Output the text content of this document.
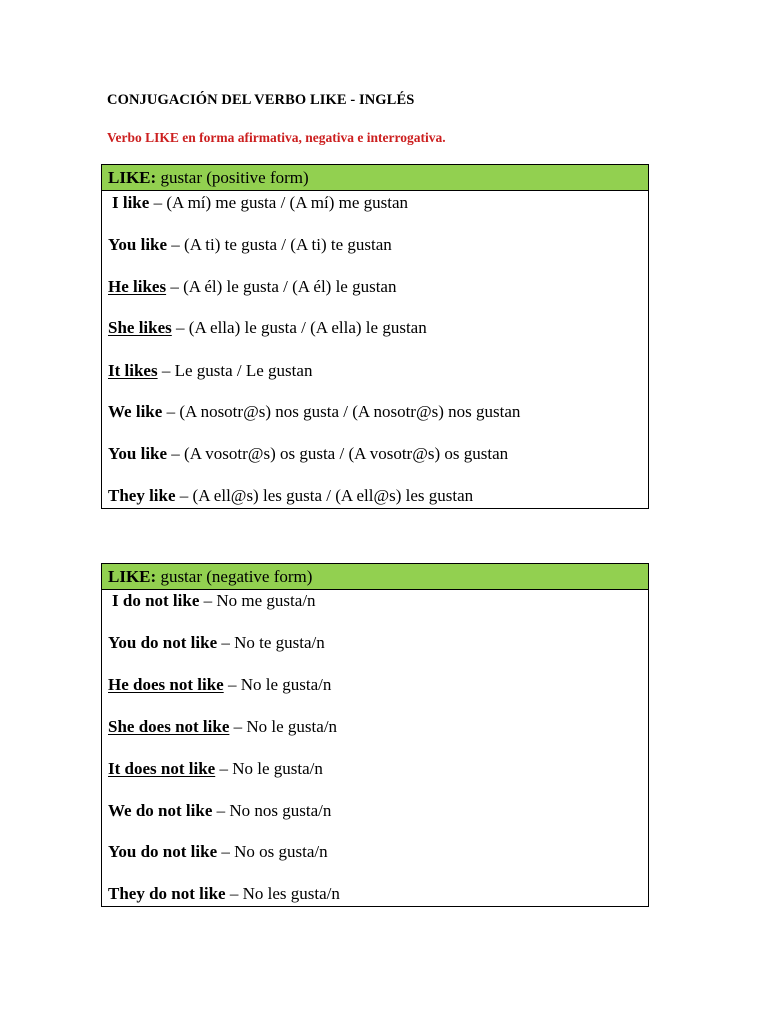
CONJUGACIÓN DEL VERBO LIKE - INGLÉS
Verbo LIKE en forma afirmativa, negativa e interrogativa.
LIKE: gustar (positive form)
I like – (A mí) me gusta / (A mí) me gustan
You like – (A ti) te gusta / (A ti) te gustan
He likes – (A él) le gusta / (A él) le gustan
She likes – (A ella) le gusta / (A ella) le gustan
It likes – Le gusta / Le gustan
We like – (A nosotr@s) nos gusta / (A nosotr@s) nos gustan
You like – (A vosotr@s) os gusta / (A vosotr@s) os gustan
They like – (A ell@s) les gusta / (A ell@s) les gustan
LIKE: gustar (negative form)
I do not like – No me gusta/n
You do not like – No te gusta/n
He does not like – No le gusta/n
She does not like – No le gusta/n
It does not like – No le gusta/n
We do not like – No nos gusta/n
You do not like – No os gusta/n
They do not like – No les gusta/n
